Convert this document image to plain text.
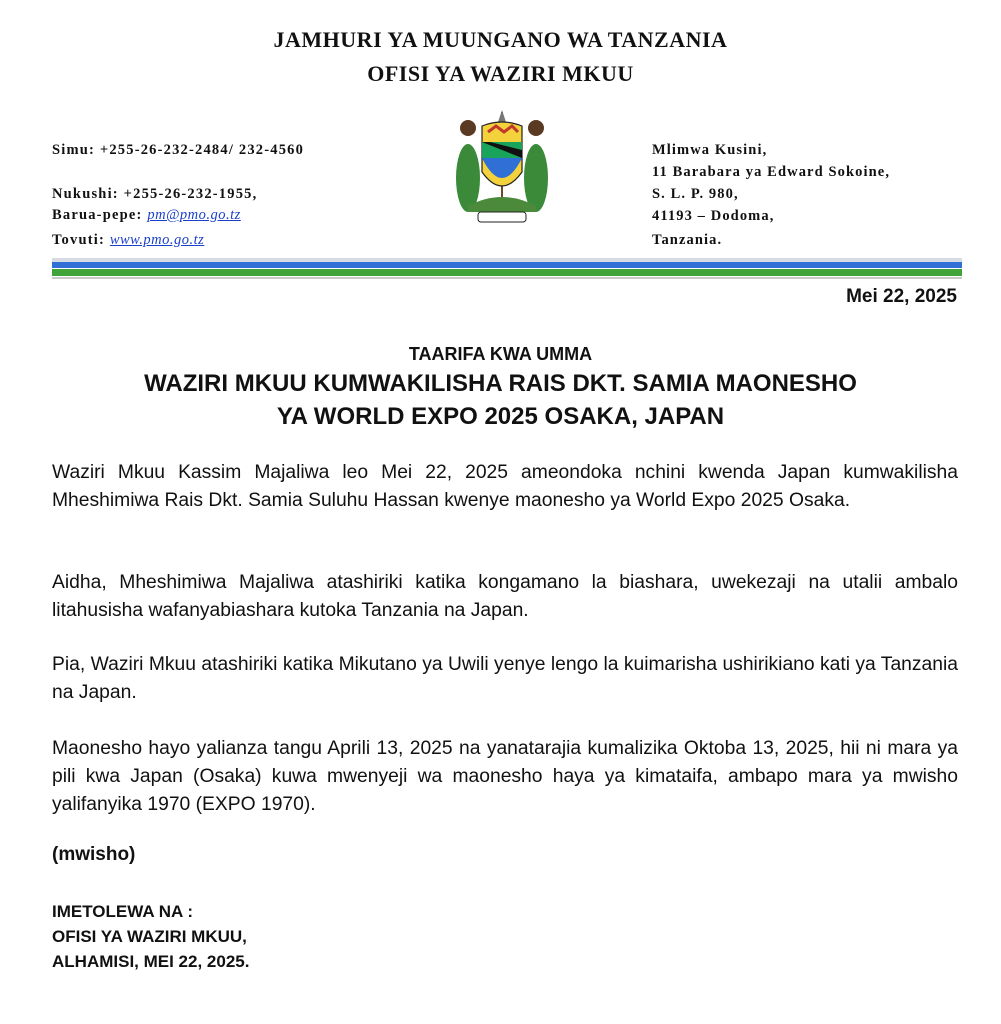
JAMHURI YA MUUNGANO WA TANZANIA
OFISI YA WAZIRI MKUU
Simu: +255-26-232-2484/ 232-4560
Nukushi: +255-26-232-1955,
Barua-pepe: pm@pmo.go.tz
Tovuti: www.pmo.go.tz
Mlimwa Kusini,
11 Barabara ya Edward Sokoine,
S. L. P. 980,
41193 – Dodoma,
Tanzania.
Mei 22, 2025
TAARIFA KWA UMMA
WAZIRI MKUU KUMWAKILISHA RAIS DKT. SAMIA MAONESHO
YA WORLD EXPO 2025 OSAKA, JAPAN

Waziri Mkuu Kassim Majaliwa leo Mei 22, 2025 ameondoka nchini kwenda Japan kumwakilisha Mheshimiwa Rais Dkt. Samia Suluhu Hassan kwenye maonesho ya World Expo 2025 Osaka.

Aidha, Mheshimiwa Majaliwa atashiriki katika kongamano la biashara, uwekezaji na utalii ambalo litahusisha wafanyabiashara kutoka Tanzania na Japan.

Pia, Waziri Mkuu atashiriki katika Mikutano ya Uwili yenye lengo la kuimarisha ushirikiano kati ya Tanzania na Japan.

Maonesho hayo yalianza tangu Aprili 13, 2025 na yanatarajia kumalizika Oktoba 13, 2025, hii ni mara ya pili kwa Japan (Osaka) kuwa mwenyeji wa maonesho haya ya kimataifa, ambapo mara ya mwisho yalifanyika 1970 (EXPO 1970).

(mwisho)
IMETOLEWA NA :
OFISI YA WAZIRI MKUU,
ALHAMISI, MEI 22, 2025.
